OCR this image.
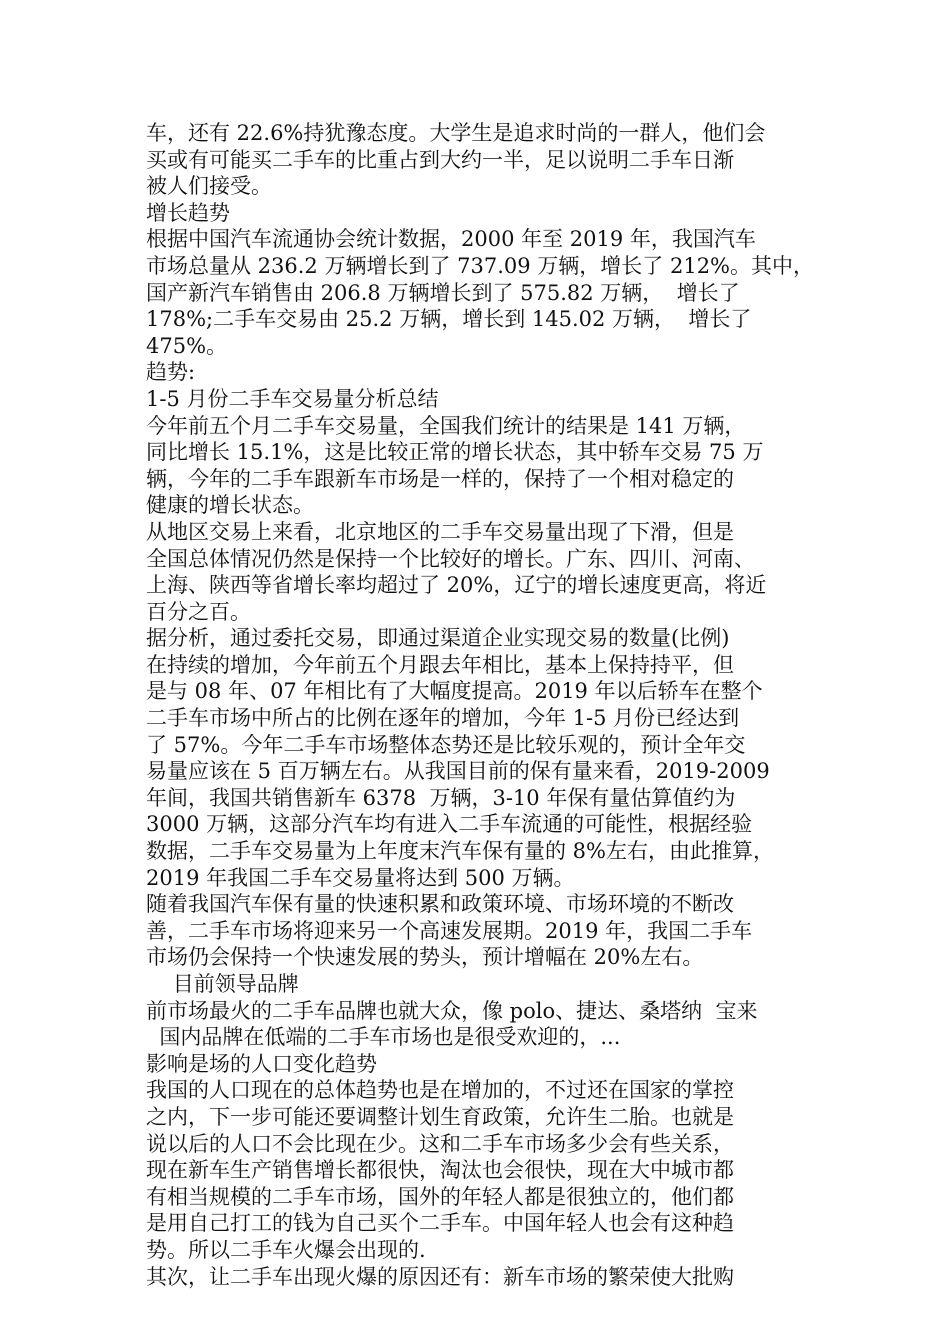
车，还有 22.6%持犹豫态度。大学生是追求时尚的一群人，他们会
买或有可能买二手车的比重占到大约一半，足以说明二手车日渐
被人们接受。
增长趋势
根据中国汽车流通协会统计数据，2000 年至 2019 年，我国汽车
市场总量从 236.2 万辆增长到了 737.09 万辆，增长了 212%。其中，
国产新汽车销售由 206.8 万辆增长到了 575.82 万辆，  增长了
178%;二手车交易由 25.2 万辆，增长到 145.02 万辆，  增长了
475%。
趋势:
1-5 月份二手车交易量分析总结
今年前五个月二手车交易量，全国我们统计的结果是 141 万辆，
同比增长 15.1%，这是比较正常的增长状态，其中轿车交易 75 万
辆，今年的二手车跟新车市场是一样的，保持了一个相对稳定的
健康的增长状态。
从地区交易上来看，北京地区的二手车交易量出现了下滑，但是
全国总体情况仍然是保持一个比较好的增长。广东、四川、河南、
上海、陕西等省增长率均超过了 20%，辽宁的增长速度更高，将近
百分之百。
据分析，通过委托交易，即通过渠道企业实现交易的数量(比例)
在持续的增加，今年前五个月跟去年相比，基本上保持持平，但
是与 08 年、07 年相比有了大幅度提高。2019 年以后轿车在整个
二手车市场中所占的比例在逐年的增加，今年 1-5 月份已经达到
了 57%。今年二手车市场整体态势还是比较乐观的，预计全年交
易量应该在 5 百万辆左右。从我国目前的保有量来看，2019-2009
年间，我国共销售新车 6378  万辆，3-10 年保有量估算值约为
3000 万辆，这部分汽车均有进入二手车流通的可能性，根据经验
数据，二手车交易量为上年度末汽车保有量的 8%左右，由此推算，
2019 年我国二手车交易量将达到 500 万辆。
随着我国汽车保有量的快速积累和政策环境、市场环境的不断改
善，二手车市场将迎来另一个高速发展期。2019 年，我国二手车
市场仍会保持一个快速发展的势头，预计增幅在 20%左右。
目前领导品牌
前市场最火的二手车品牌也就大众，像 polo、捷达、桑塔纳  宝来
国内品牌在低端的二手车市场也是很受欢迎的，...
影响是场的人口变化趋势
我国的人口现在的总体趋势也是在增加的，不过还在国家的掌控
之内，下一步可能还要调整计划生育政策，允许生二胎。也就是
说以后的人口不会比现在少。这和二手车市场多少会有些关系，
现在新车生产销售增长都很快，淘汰也会很快，现在大中城市都
有相当规模的二手车市场，国外的年轻人都是很独立的，他们都
是用自己打工的钱为自己买个二手车。中国年轻人也会有这种趋
势。所以二手车火爆会出现的.
其次，让二手车出现火爆的原因还有：新车市场的繁荣使大批购
